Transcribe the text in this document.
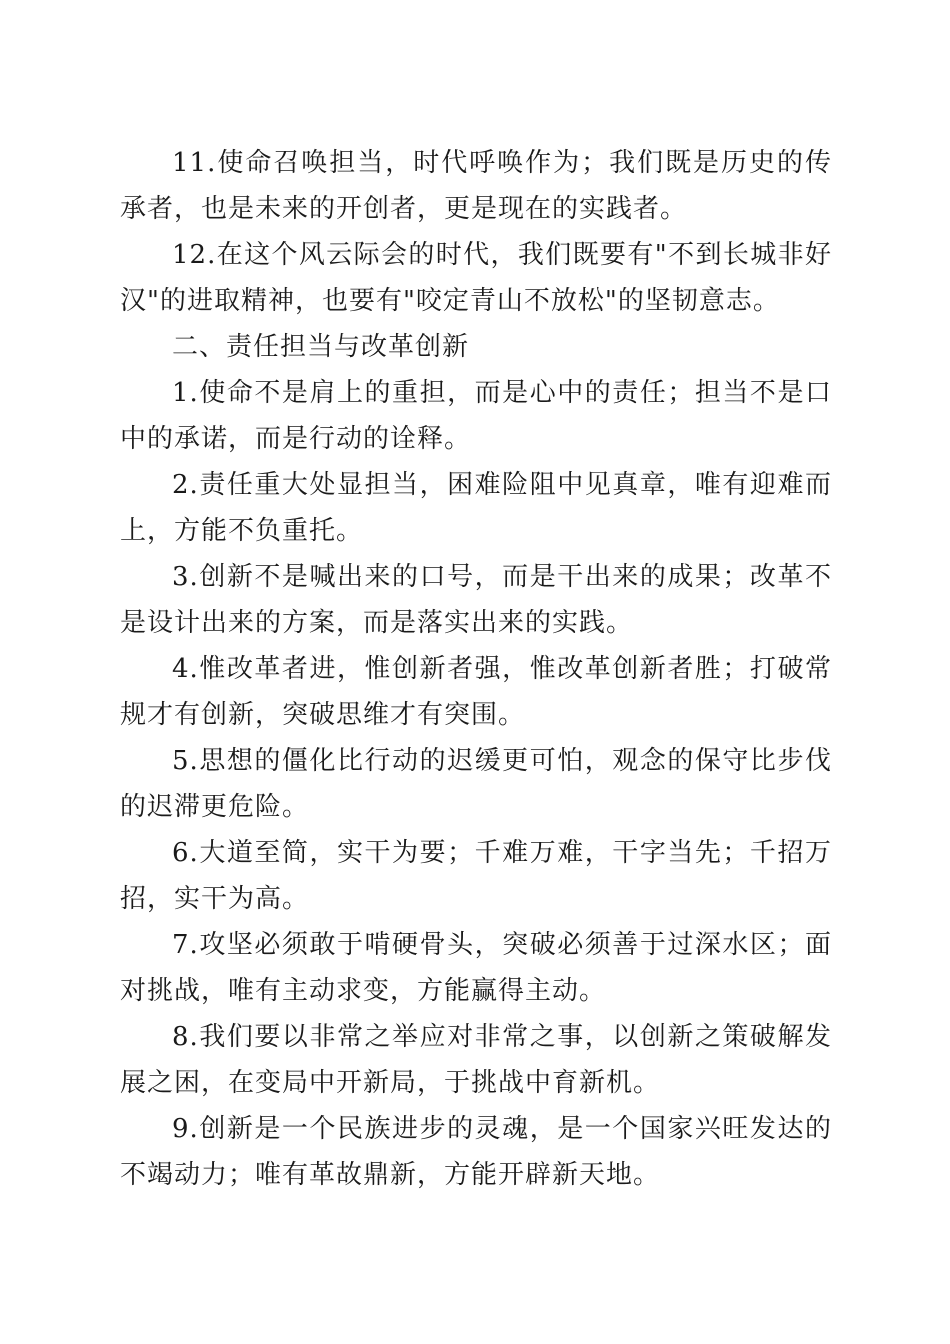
11.使命召唤担当，时代呼唤作为；我们既是历史的传承者，也是未来的开创者，更是现在的实践者。

12.在这个风云际会的时代，我们既要有"不到长城非好汉"的进取精神，也要有"咬定青山不放松"的坚韧意志。

二、责任担当与改革创新

1.使命不是肩上的重担，而是心中的责任；担当不是口中的承诺，而是行动的诠释。

2.责任重大处显担当，困难险阻中见真章，唯有迎难而上，方能不负重托。

3.创新不是喊出来的口号，而是干出来的成果；改革不是设计出来的方案，而是落实出来的实践。

4.惟改革者进，惟创新者强，惟改革创新者胜；打破常规才有创新，突破思维才有突围。

5.思想的僵化比行动的迟缓更可怕，观念的保守比步伐的迟滞更危险。

6.大道至简，实干为要；千难万难，干字当先；千招万招，实干为高。

7.攻坚必须敢于啃硬骨头，突破必须善于过深水区；面对挑战，唯有主动求变，方能赢得主动。

8.我们要以非常之举应对非常之事，以创新之策破解发展之困，在变局中开新局，于挑战中育新机。

9.创新是一个民族进步的灵魂，是一个国家兴旺发达的不竭动力；唯有革故鼎新，方能开辟新天地。
